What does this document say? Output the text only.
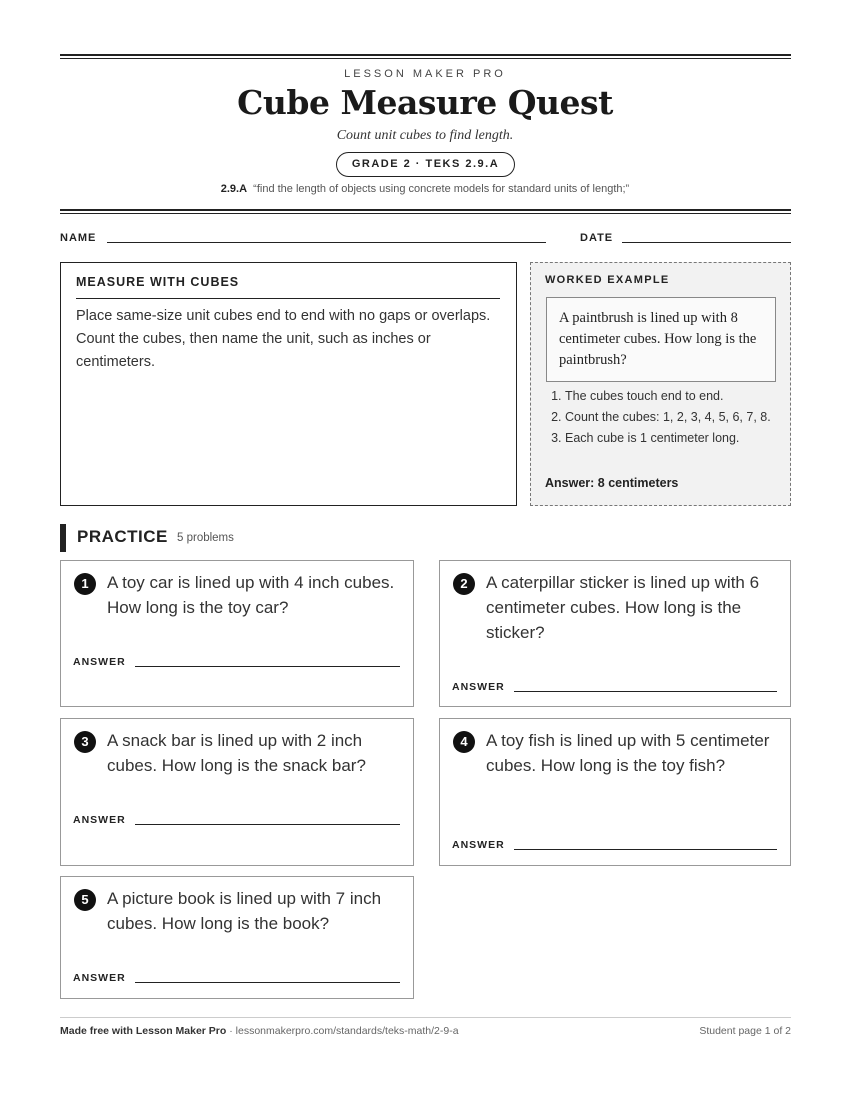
LESSON MAKER PRO
Cube Measure Quest
Count unit cubes to find length.
GRADE 2 · TEKS 2.9.A
2.9.A “find the length of objects using concrete models for standard units of length;”
NAME	DATE
MEASURE WITH CUBES
Place same-size unit cubes end to end with no gaps or overlaps. Count the cubes, then name the unit, such as inches or centimeters.
WORKED EXAMPLE
A paintbrush is lined up with 8 centimeter cubes. How long is the paintbrush?
1. The cubes touch end to end.
2. Count the cubes: 1, 2, 3, 4, 5, 6, 7, 8.
3. Each cube is 1 centimeter long.
Answer: 8 centimeters
PRACTICE 5 problems
1	A toy car is lined up with 4 inch cubes. How long is the toy car?
ANSWER
2	A caterpillar sticker is lined up with 6 centimeter cubes. How long is the sticker?
ANSWER
3	A snack bar is lined up with 2 inch cubes. How long is the snack bar?
ANSWER
4	A toy fish is lined up with 5 centimeter cubes. How long is the toy fish?
ANSWER
5	A picture book is lined up with 7 inch cubes. How long is the book?
ANSWER
Made free with Lesson Maker Pro · lessonmakerpro.com/standards/teks-math/2-9-a	Student page 1 of 2
